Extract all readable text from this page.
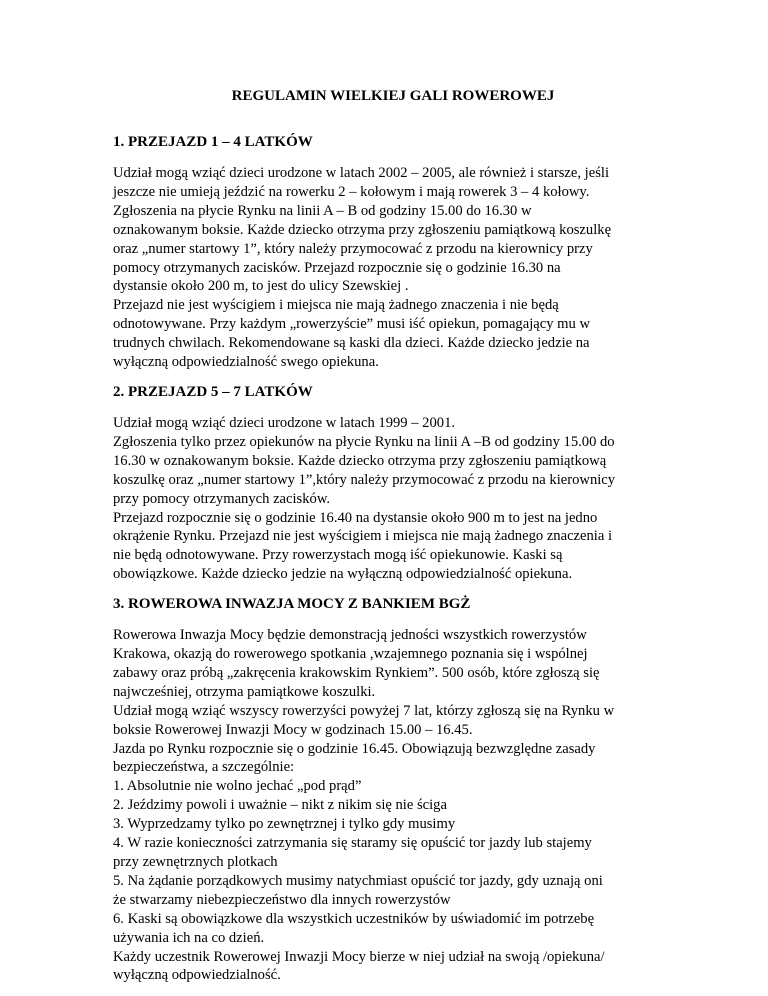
REGULAMIN WIELKIEJ GALI ROWEROWEJ
1. PRZEJAZD 1 – 4 LATKÓW
Udział mogą wziąć dzieci urodzone w latach 2002 – 2005, ale również i starsze, jeśli
jeszcze nie umieją jeździć na rowerku 2 – kołowym i mają rowerek 3 – 4 kołowy.
Zgłoszenia na płycie Rynku na linii A – B od godziny 15.00 do 16.30 w
oznakowanym boksie. Każde dziecko otrzyma przy zgłoszeniu pamiątkową koszulkę
oraz „numer startowy 1”, który należy przymocować z przodu na kierownicy przy
pomocy otrzymanych zacisków. Przejazd rozpocznie się o godzinie 16.30 na
dystansie około 200 m, to jest do ulicy Szewskiej .
Przejazd nie jest wyścigiem i miejsca nie mają żadnego znaczenia i nie będą
odnotowywane. Przy każdym „rowerzyście” musi iść opiekun, pomagający mu w
trudnych chwilach. Rekomendowane są kaski dla dzieci. Każde dziecko jedzie na
wyłączną odpowiedzialność swego opiekuna.
2. PRZEJAZD 5 – 7 LATKÓW
Udział mogą wziąć dzieci urodzone w latach 1999 – 2001.
Zgłoszenia tylko przez opiekunów na płycie Rynku na linii A –B od godziny 15.00 do
16.30 w oznakowanym boksie. Każde dziecko otrzyma przy zgłoszeniu pamiątkową
koszulkę oraz „numer startowy 1”,który należy przymocować z przodu na kierownicy
przy pomocy otrzymanych zacisków.
Przejazd rozpocznie się o godzinie 16.40 na dystansie około 900 m to jest na jedno
okrążenie Rynku. Przejazd nie jest wyścigiem i miejsca nie mają żadnego znaczenia i
nie będą odnotowywane. Przy rowerzystach mogą iść opiekunowie. Kaski są
obowiązkowe. Każde dziecko jedzie na wyłączną odpowiedzialność opiekuna.
3. ROWEROWA INWAZJA MOCY Z BANKIEM BGŻ
Rowerowa Inwazja Mocy będzie demonstracją jedności wszystkich rowerzystów
Krakowa, okazją do rowerowego spotkania ,wzajemnego poznania się i wspólnej
zabawy oraz próbą „zakręcenia krakowskim Rynkiem”. 500 osób, które zgłoszą się
najwcześniej, otrzyma pamiątkowe koszulki.
Udział mogą wziąć wszyscy rowerzyści powyżej 7 lat, którzy zgłoszą się na Rynku w
boksie Rowerowej Inwazji Mocy w godzinach 15.00 – 16.45.
Jazda po Rynku rozpocznie się o godzinie 16.45. Obowiązują bezwzględne zasady
bezpieczeństwa, a szczególnie:
1. Absolutnie nie wolno jechać „pod prąd”
2. Jeździmy powoli i uważnie – nikt z nikim się nie ściga
3. Wyprzedzamy tylko po zewnętrznej i tylko gdy musimy
4. W razie konieczności zatrzymania się staramy się opuścić tor jazdy lub stajemy
przy zewnętrznych plotkach
5. Na żądanie porządkowych musimy natychmiast opuścić tor jazdy, gdy uznają oni
że stwarzamy niebezpieczeństwo dla innych rowerzystów
6. Kaski są obowiązkowe dla wszystkich uczestników by uświadomić im potrzebę
używania ich na co dzień.
Każdy uczestnik Rowerowej Inwazji Mocy bierze w niej udział na swoją /opiekuna/
wyłączną odpowiedzialność.
